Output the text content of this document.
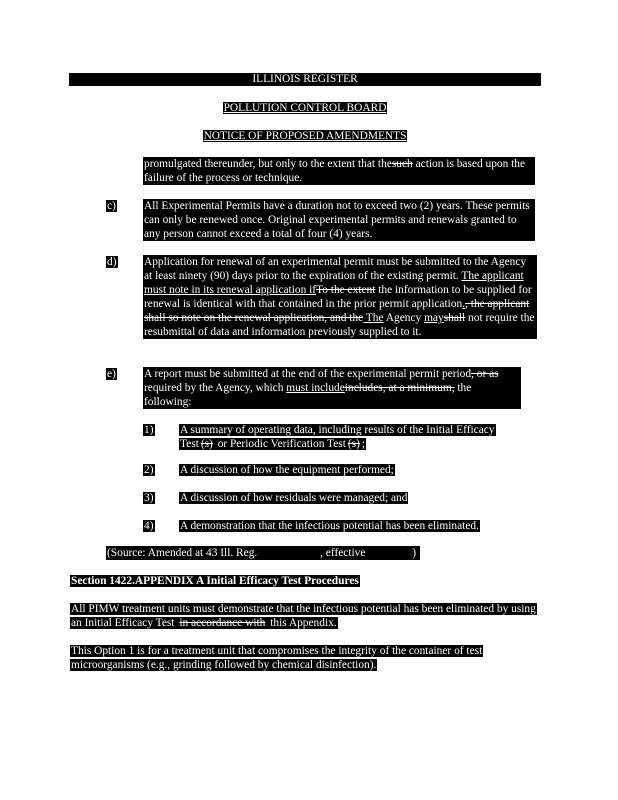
ILLINOIS REGISTER
POLLUTION CONTROL BOARD
NOTICE OF PROPOSED AMENDMENTS
promulgated thereunder, but only to the extent that thesuch action is based upon the failure of the process or technique.
c) All Experimental Permits have a duration not to exceed two (2) years. These permits can only be renewed once. Original experimental permits and renewals granted to any person cannot exceed a total of four (4) years.
d) Application for renewal of an experimental permit must be submitted to the Agency at least ninety (90) days prior to the expiration of the existing permit. The applicant must note in its renewal application ifTo the extent the information to be supplied for renewal is identical with that contained in the prior permit application., the applicant shall so note on the renewal application, and the The Agency mayshall not require the resubmittal of data and information previously supplied to it.
e) A report must be submitted at the end of the experimental permit period, or as required by the Agency, which must includeincludes, at a minimum, the following:
1) A summary of operating data, including results of the Initial Efficacy Test (s) or Periodic Verification Test (s) ;
2) A discussion of how the equipment performed;
3) A discussion of how residuals were managed; and
4) A demonstration that the infectious potential has been eliminated.
(Source: Amended at 43 Ill. Reg.	, effective	)
Section 1422.APPENDIX A Initial Efficacy Test Procedures
All PIMW treatment units must demonstrate that the infectious potential has been eliminated by using an Initial Efficacy Test in accordance with this Appendix.
This Option 1 is for a treatment unit that compromises the integrity of the container of test microorganisms (e.g., grinding followed by chemical disinfection).
